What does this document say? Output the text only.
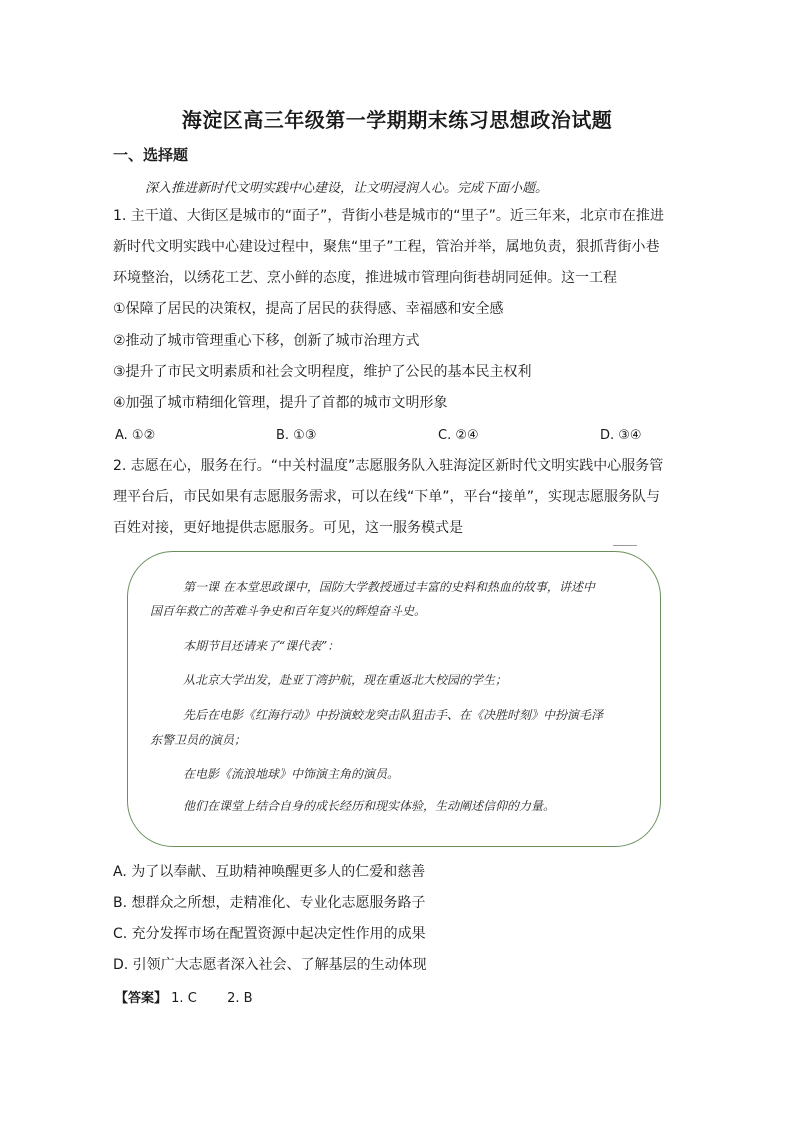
海淀区高三年级第一学期期末练习思想政治试题
一、选择题
深入推进新时代文明实践中心建设，让文明浸润人心。完成下面小题。
1. 主干道、大街区是城市的“面子”，背街小巷是城市的“里子”。近三年来，北京市在推进
新时代文明实践中心建设过程中，聚焦“里子”工程，管治并举，属地负责，狠抓背街小巷
环境整治，以绣花工艺、烹小鲜的态度，推进城市管理向街巷胡同延伸。这一工程
①保障了居民的决策权，提高了居民的获得感、幸福感和安全感
②推动了城市管理重心下移，创新了城市治理方式
③提升了市民文明素质和社会文明程度，维护了公民的基本民主权利
④加强了城市精细化管理，提升了首都的城市文明形象
A. ①②	B. ①③	C. ②④	D. ③④
2. 志愿在心，服务在行。“中关村温度”志愿服务队入驻海淀区新时代文明实践中心服务管
理平台后，市民如果有志愿服务需求，可以在线“下单”，平台“接单”，实现志愿服务队与
百姓对接，更好地提供志愿服务。可见，这一服务模式是
第一课 在本堂思政课中，国防大学教授通过丰富的史料和热血的故事，讲述中
国百年救亡的苦难斗争史和百年复兴的辉煌奋斗史。
本期节目还请来了“课代表”：
从北京大学出发，赴亚丁湾护航，现在重返北大校园的学生；
先后在电影《红海行动》中扮演蛟龙突击队狙击手、在《决胜时刻》中扮演毛泽
东警卫员的演员；
在电影《流浪地球》中饰演主角的演员。
他们在课堂上结合自身的成长经历和现实体验，生动阐述信仰的力量。
A. 为了以奉献、互助精神唤醒更多人的仁爱和慈善
B. 想群众之所想，走精准化、专业化志愿服务路子
C. 充分发挥市场在配置资源中起决定性作用的成果
D. 引领广大志愿者深入社会、了解基层的生动体现
【答案】 1. C 2. B
